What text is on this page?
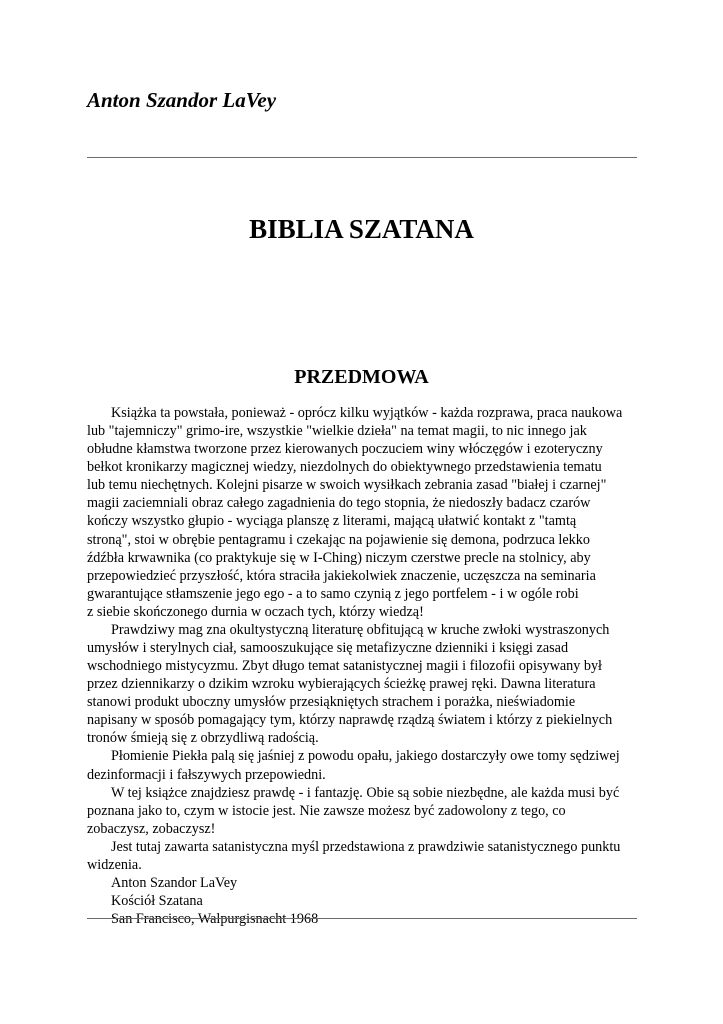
Anton Szandor LaVey
BIBLIA SZATANA
PRZEDMOWA
Książka ta powstała, ponieważ - oprócz kilku wyjątków - każda rozprawa, praca naukowa
lub "tajemniczy" grimo-ire, wszystkie "wielkie dzieła" na temat magii, to nic innego jak
obłudne kłamstwa tworzone przez kierowanych poczuciem winy włóczęgów i ezoteryczny
bełkot kronikarzy magicznej wiedzy, niezdolnych do obiektywnego przedstawienia tematu
lub temu niechętnych. Kolejni pisarze w swoich wysiłkach zebrania zasad "białej i czarnej"
magii zaciemniali obraz całego zagadnienia do tego stopnia, że niedoszły badacz czarów
kończy wszystko głupio - wyciąga planszę z literami, mającą ułatwić kontakt z "tamtą
stroną", stoi w obrębie pentagramu i czekając na pojawienie się demona, podrzuca lekko
źdźbła krwawnika (co praktykuje się w I-Ching) niczym czerstwe precle na stolnicy, aby
przepowiedzieć przyszłość, która straciła jakiekolwiek znaczenie, uczęszcza na seminaria
gwarantujące stłamszenie jego ego - a to samo czynią z jego portfelem - i w ogóle robi
z siebie skończonego durnia w oczach tych, którzy wiedzą!
Prawdziwy mag zna okultystyczną literaturę obfitującą w kruche zwłoki wystraszonych
umysłów i sterylnych ciał, samooszukujące się metafizyczne dzienniki i księgi zasad
wschodniego mistycyzmu. Zbyt długo temat satanistycznej magii i filozofii opisywany był
przez dziennikarzy o dzikim wzroku wybierających ścieżkę prawej ręki. Dawna literatura
stanowi produkt uboczny umysłów przesiąkniętych strachem i porażka, nieświadomie
napisany w sposób pomagający tym, którzy naprawdę rządzą światem i którzy z piekielnych
tronów śmieją się z obrzydliwą radością.
Płomienie Piekła palą się jaśniej z powodu opału, jakiego dostarczyły owe tomy sędziwej
dezinformacji i fałszywych przepowiedni.
W tej książce znajdziesz prawdę - i fantazję. Obie są sobie niezbędne, ale każda musi być
poznana jako to, czym w istocie jest. Nie zawsze możesz być zadowolony z tego, co
zobaczysz, zobaczysz!
Jest tutaj zawarta satanistyczna myśl przedstawiona z prawdziwie satanistycznego punktu
widzenia.
Anton Szandor LaVey
Kościół Szatana
San Francisco, Walpurgisnacht 1968
